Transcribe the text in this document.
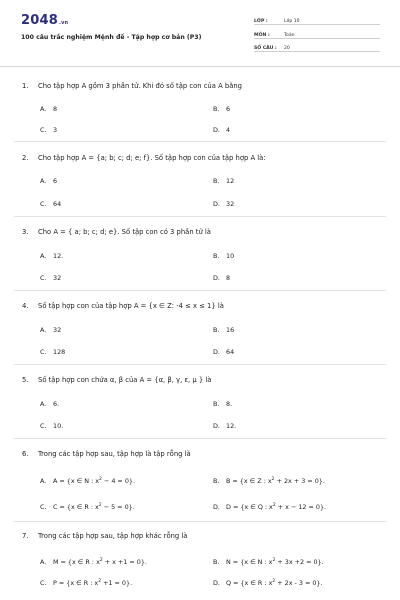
2048.vn
100 câu trắc nghiệm Mệnh đề - Tập hợp cơ bản (P3)
LỚP :	Lớp 10
MÔN :	Toán
SỐ CÂU :	20
1. Cho tập hợp A gồm 3 phần tử. Khi đó số tập con của A bằng
A. 8	B. 6
C. 3	D. 4
2. Cho tập hợp A = {a; b; c; d; e; f}. Số tập hợp con của tập hợp A là:
A. 6	B. 12
C. 64	D. 32
3. Cho A = { a; b; c; d; e}. Số tập con có 3 phần tử là
A. 12.	B. 10
C. 32	D. 8
4. Số tập hợp con của tập hợp A = {x ∈ Z: -4 ≤ x ≤ 1} là
A. 32	B. 16
C. 128	D. 64
5. Số tập hợp con chứa α, β của A = {α, β, γ, ε, μ } là
A. 6.	B. 8.
C. 10.	D. 12.
6. Trong các tập hợp sau, tập hợp là tập rỗng là
A. A = {x ∈ N : $x^2 - 4 = 0$}.	B. B = {x ∈ Z : $x^2 + 2x + 3 = 0$}.
C. C = {x ∈ R : $x^2 - 5 = 0$}.	D. D = {x ∈ Q : $x^2 + x - 12 = 0$}.
7. Trong các tập hợp sau, tập hợp khác rỗng là
A. M = {x ∈ R : $x^2 + x +1 = 0$}.	B. N = {x ∈ N : $x^2 + 3x +2 = 0$}.
C. P = {x ∈ R : $x^2 +1 = 0$}.	D. Q = {x ∈ R : $x^2 + 2x - 3 = 0$}.
